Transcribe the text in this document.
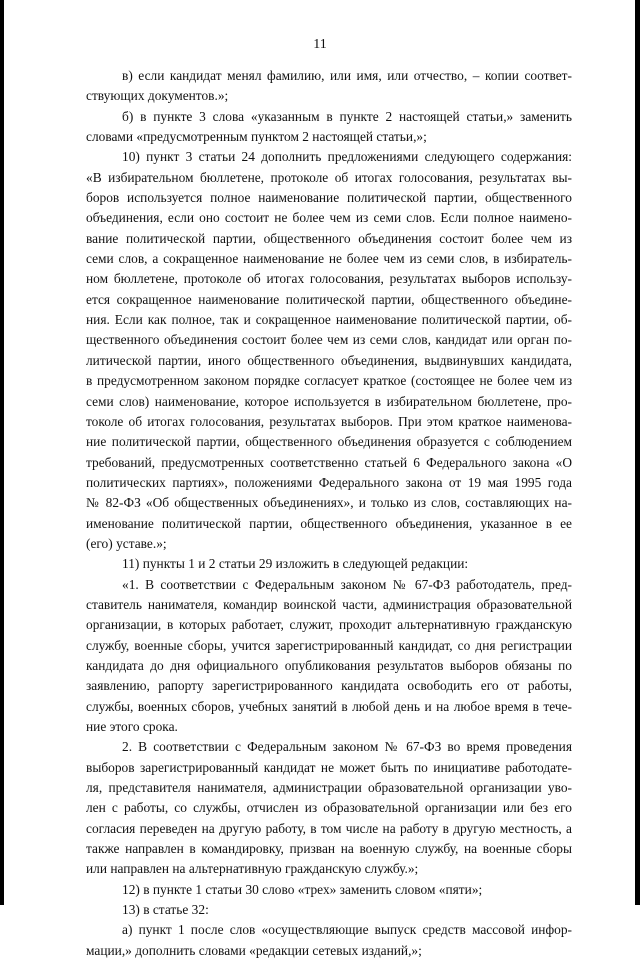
11
в) если кандидат менял фамилию, или имя, или отчество, – копии соответ-
ствующих документов.»;
б) в пункте 3 слова «указанным в пункте 2 настоящей статьи,» заменить
словами «предусмотренным пунктом 2 настоящей статьи,»;
10) пункт 3 статьи 24 дополнить предложениями следующего содержания:
«В избирательном бюллетене, протоколе об итогах голосования, результатах вы-
боров используется полное наименование политической партии, общественного
объединения, если оно состоит не более чем из семи слов. Если полное наимено-
вание политической партии, общественного объединения состоит более чем из
семи слов, а сокращенное наименование не более чем из семи слов, в избиратель-
ном бюллетене, протоколе об итогах голосования, результатах выборов использу-
ется сокращенное наименование политической партии, общественного объедине-
ния. Если как полное, так и сокращенное наименование политической партии, об-
щественного объединения состоит более чем из семи слов, кандидат или орган по-
литической партии, иного общественного объединения, выдвинувших кандидата,
в предусмотренном законом порядке согласует краткое (состоящее не более чем из
семи слов) наименование, которое используется в избирательном бюллетене, про-
токоле об итогах голосования, результатах выборов. При этом краткое наименова-
ние политической партии, общественного объединения образуется с соблюдением
требований, предусмотренных соответственно статьей 6 Федерального закона «О
политических партиях», положениями Федерального закона от 19 мая 1995 года
№ 82-ФЗ «Об общественных объединениях», и только из слов, составляющих на-
именование политической партии, общественного объединения, указанное в ее
(его) уставе.»;
11) пункты 1 и 2 статьи 29 изложить в следующей редакции:
«1. В соответствии с Федеральным законом № 67-ФЗ работодатель, пред-
ставитель нанимателя, командир воинской части, администрация образовательной
организации, в которых работает, служит, проходит альтернативную гражданскую
службу, военные сборы, учится зарегистрированный кандидат, со дня регистрации
кандидата до дня официального опубликования результатов выборов обязаны по
заявлению, рапорту зарегистрированного кандидата освободить его от работы,
службы, военных сборов, учебных занятий в любой день и на любое время в тече-
ние этого срока.
2. В соответствии с Федеральным законом № 67-ФЗ во время проведения
выборов зарегистрированный кандидат не может быть по инициативе работодате-
ля, представителя нанимателя, администрации образовательной организации уво-
лен с работы, со службы, отчислен из образовательной организации или без его
согласия переведен на другую работу, в том числе на работу в другую местность, а
также направлен в командировку, призван на военную службу, на военные сборы
или направлен на альтернативную гражданскую службу.»;
12) в пункте 1 статьи 30 слово «трех» заменить словом «пяти»;
13) в статье 32:
а) пункт 1 после слов «осуществляющие выпуск средств массовой инфор-
мации,» дополнить словами «редакции сетевых изданий,»;
